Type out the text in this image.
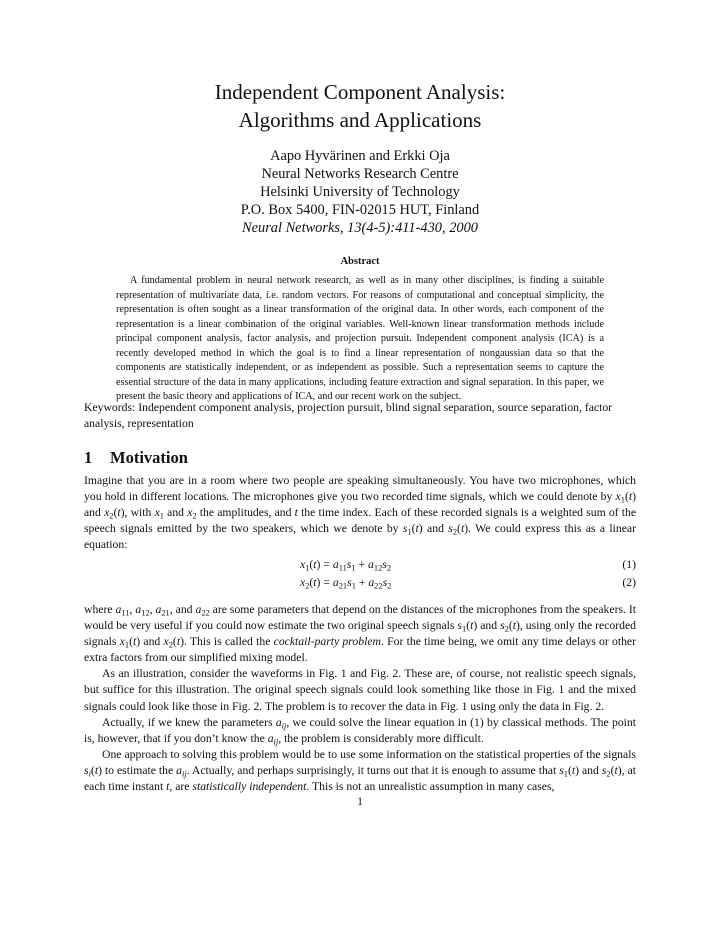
Independent Component Analysis:
Algorithms and Applications
Aapo Hyvärinen and Erkki Oja
Neural Networks Research Centre
Helsinki University of Technology
P.O. Box 5400, FIN-02015 HUT, Finland
Neural Networks, 13(4-5):411-430, 2000
Abstract
A fundamental problem in neural network research, as well as in many other disciplines, is finding a suitable representation of multivariate data, i.e. random vectors. For reasons of computational and conceptual simplicity, the representation is often sought as a linear transformation of the original data. In other words, each component of the representation is a linear combination of the original variables. Well-known linear transformation methods include principal component analysis, factor analysis, and projection pursuit. Independent component analysis (ICA) is a recently developed method in which the goal is to find a linear representation of nongaussian data so that the components are statistically independent, or as independent as possible. Such a representation seems to capture the essential structure of the data in many applications, including feature extraction and signal separation. In this paper, we present the basic theory and applications of ICA, and our recent work on the subject.
Keywords: Independent component analysis, projection pursuit, blind signal separation, source separation, factor analysis, representation
1 Motivation

Imagine that you are in a room where two people are speaking simultaneously. You have two microphones, which you hold in different locations. The microphones give you two recorded time signals, which we could denote by $x_1(t)$ and $x_2(t)$, with $x_1$ and $x_2$ the amplitudes, and t the time index. Each of these recorded signals is a weighted sum of the speech signals emitted by the two speakers, which we denote by $s_1(t)$ and $s_2(t)$. We could express this as a linear equation:

$x_1(t) = a_{11}s_1 + a_{12}s_2$	(1)
$x_2(t) = a_{21}s_1 + a_{22}s_2$	(2)

where $a_{11}$, $a_{12}$, $a_{21}$, and $a_{22}$ are some parameters that depend on the distances of the microphones from the speakers. It would be very useful if you could now estimate the two original speech signals $s_1(t)$ and $s_2(t)$, using only the recorded signals $x_1(t)$ and $x_2(t)$. This is called the cocktail-party problem. For the time being, we omit any time delays or other extra factors from our simplified mixing model.

As an illustration, consider the waveforms in Fig. 1 and Fig. 2. These are, of course, not realistic speech signals, but suffice for this illustration. The original speech signals could look something like those in Fig. 1 and the mixed signals could look like those in Fig. 2. The problem is to recover the data in Fig. 1 using only the data in Fig. 2.

Actually, if we knew the parameters $a_{ij}$, we could solve the linear equation in (1) by classical methods. The point is, however, that if you don’t know the $a_{ij}$, the problem is considerably more difficult.

One approach to solving this problem would be to use some information on the statistical properties of the signals $s_i(t)$ to estimate the $a_{ij}$. Actually, and perhaps surprisingly, it turns out that it is enough to assume that $s_1(t)$ and $s_2(t)$, at each time instant t, are statistically independent. This is not an unrealistic assumption in many cases,

1
